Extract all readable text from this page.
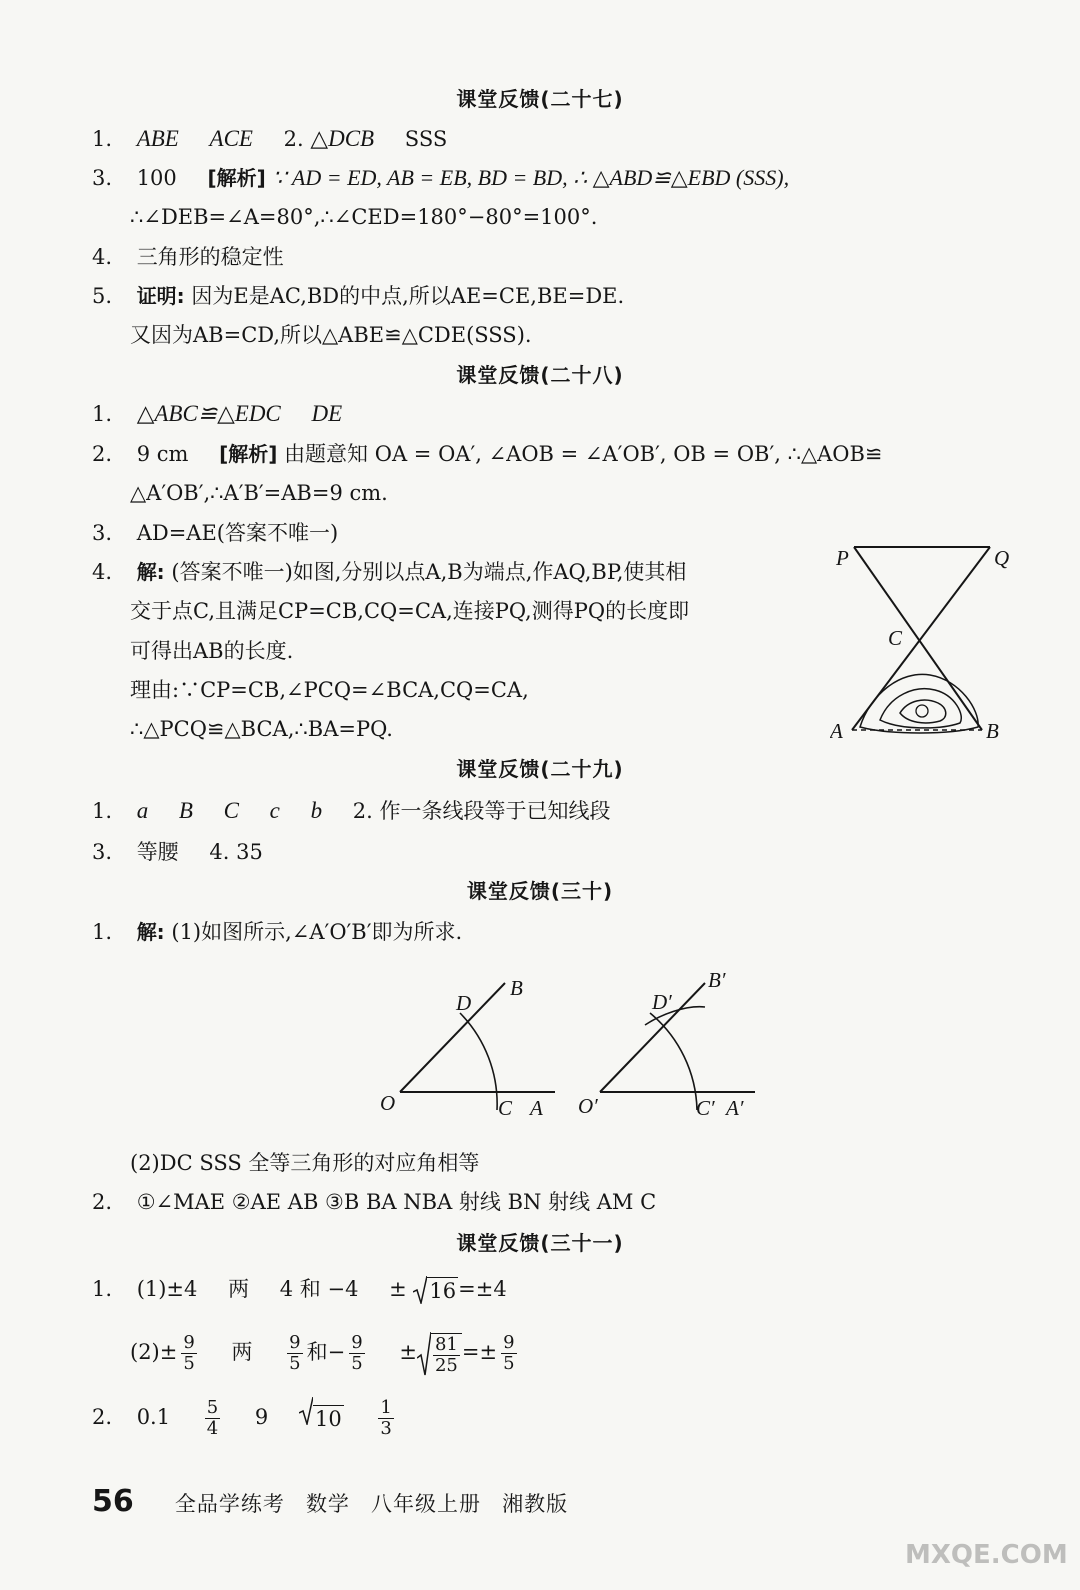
课堂反馈(二十七)
1. ABE ACE 2. △DCB SSS
3. 100 [解析] ∵ AD = ED, AB = EB, BD = BD, ∴ △ABD≌△EBD (SSS),
∴∠DEB=∠A=80°,∴∠CED=180°−80°=100°.
4. 三角形的稳定性
5. 证明: 因为E是AC,BD的中点,所以AE=CE,BE=DE.
又因为AB=CD,所以△ABE≌△CDE(SSS).
课堂反馈(二十八)
1. △ABC≌△EDC DE
2. 9 cm [解析] 由题意知 OA = OA′, ∠AOB = ∠A′OB′, OB = OB′, ∴△AOB≌
△A′OB′,∴A′B′=AB=9 cm.
3. AD=AE(答案不唯一)
4. 解: (答案不唯一)如图,分别以点A,B为端点,作AQ,BP,使其相
交于点C,且满足CP=CB,CQ=CA,连接PQ,测得PQ的长度即
可得出AB的长度.
理由:∵CP=CB,∠PCQ=∠BCA,CQ=CA,
∴△PCQ≌△BCA,∴BA=PQ.
P	Q
C
A	B
课堂反馈(二十九)
1. a B C c b 2. 作一条线段等于已知线段
3. 等腰 4. 35
课堂反馈(三十)
1. 解: (1)如图所示,∠A′O′B′即为所求.
O	C A
B
D
O′	C′ A′
B′
D′
(2)DC SSS 全等三角形的对应角相等
2. ①∠MAE ②AE AB ③B BA NBA 射线 BN 射线 AM C
课堂反馈(三十一)
1. (1)±4 两 4 和 −4 ± 16=±4
$(2)\pm \frac{9}{5}$ 两 $\frac{9}{5}$ 和− $\frac{9}{5} \pm \frac{81}{25} =\pm \frac{9}{5}$
2. $0.1 \frac{5}{4} 9$ $10 \frac{1}{3}$
56 全品学练考 数学 八年级上册 湘教版
MXQE.COM
